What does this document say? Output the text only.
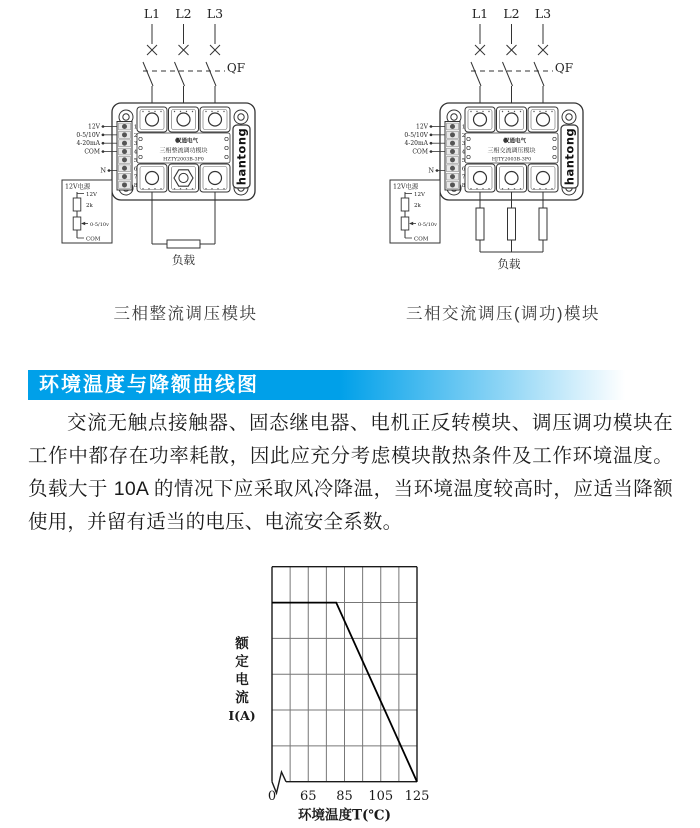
L1 L2 L3
QF
汉通电气
三相整流调功模块
HZTY2003B-3P0	hantong
1
2
3
4
5
6
7
8
12V
0-5/10V
4-20mA
COM
N
12V电源
12V
2k
0-5/10v
COM
负载
L1 L2 L3
QF
汉通电气
三相交流调压模块
HJTY2003B-3P0	hantong
1
2
3
4
5
6
7
8
12V
0-5/10V
4-20mA
COM
N
12V电源
12V
2k
0-5/10v
COM
负载
三相整流调压模块	三相交流调压(调功)模块
环境温度与降额曲线图

交流无触点接触器、固态继电器、电机正反转模块、调压调功模块在工作中都存在功率耗散，因此应充分考虑模块散热条件及工作环境温度。负载大于 10A 的情况下应采取风冷降温，当环境温度较高时，应适当降额使用，并留有适当的电压、电流安全系数。

0 65 85 105 125
环境温度T(℃)
额
定
电
流
I(A)
